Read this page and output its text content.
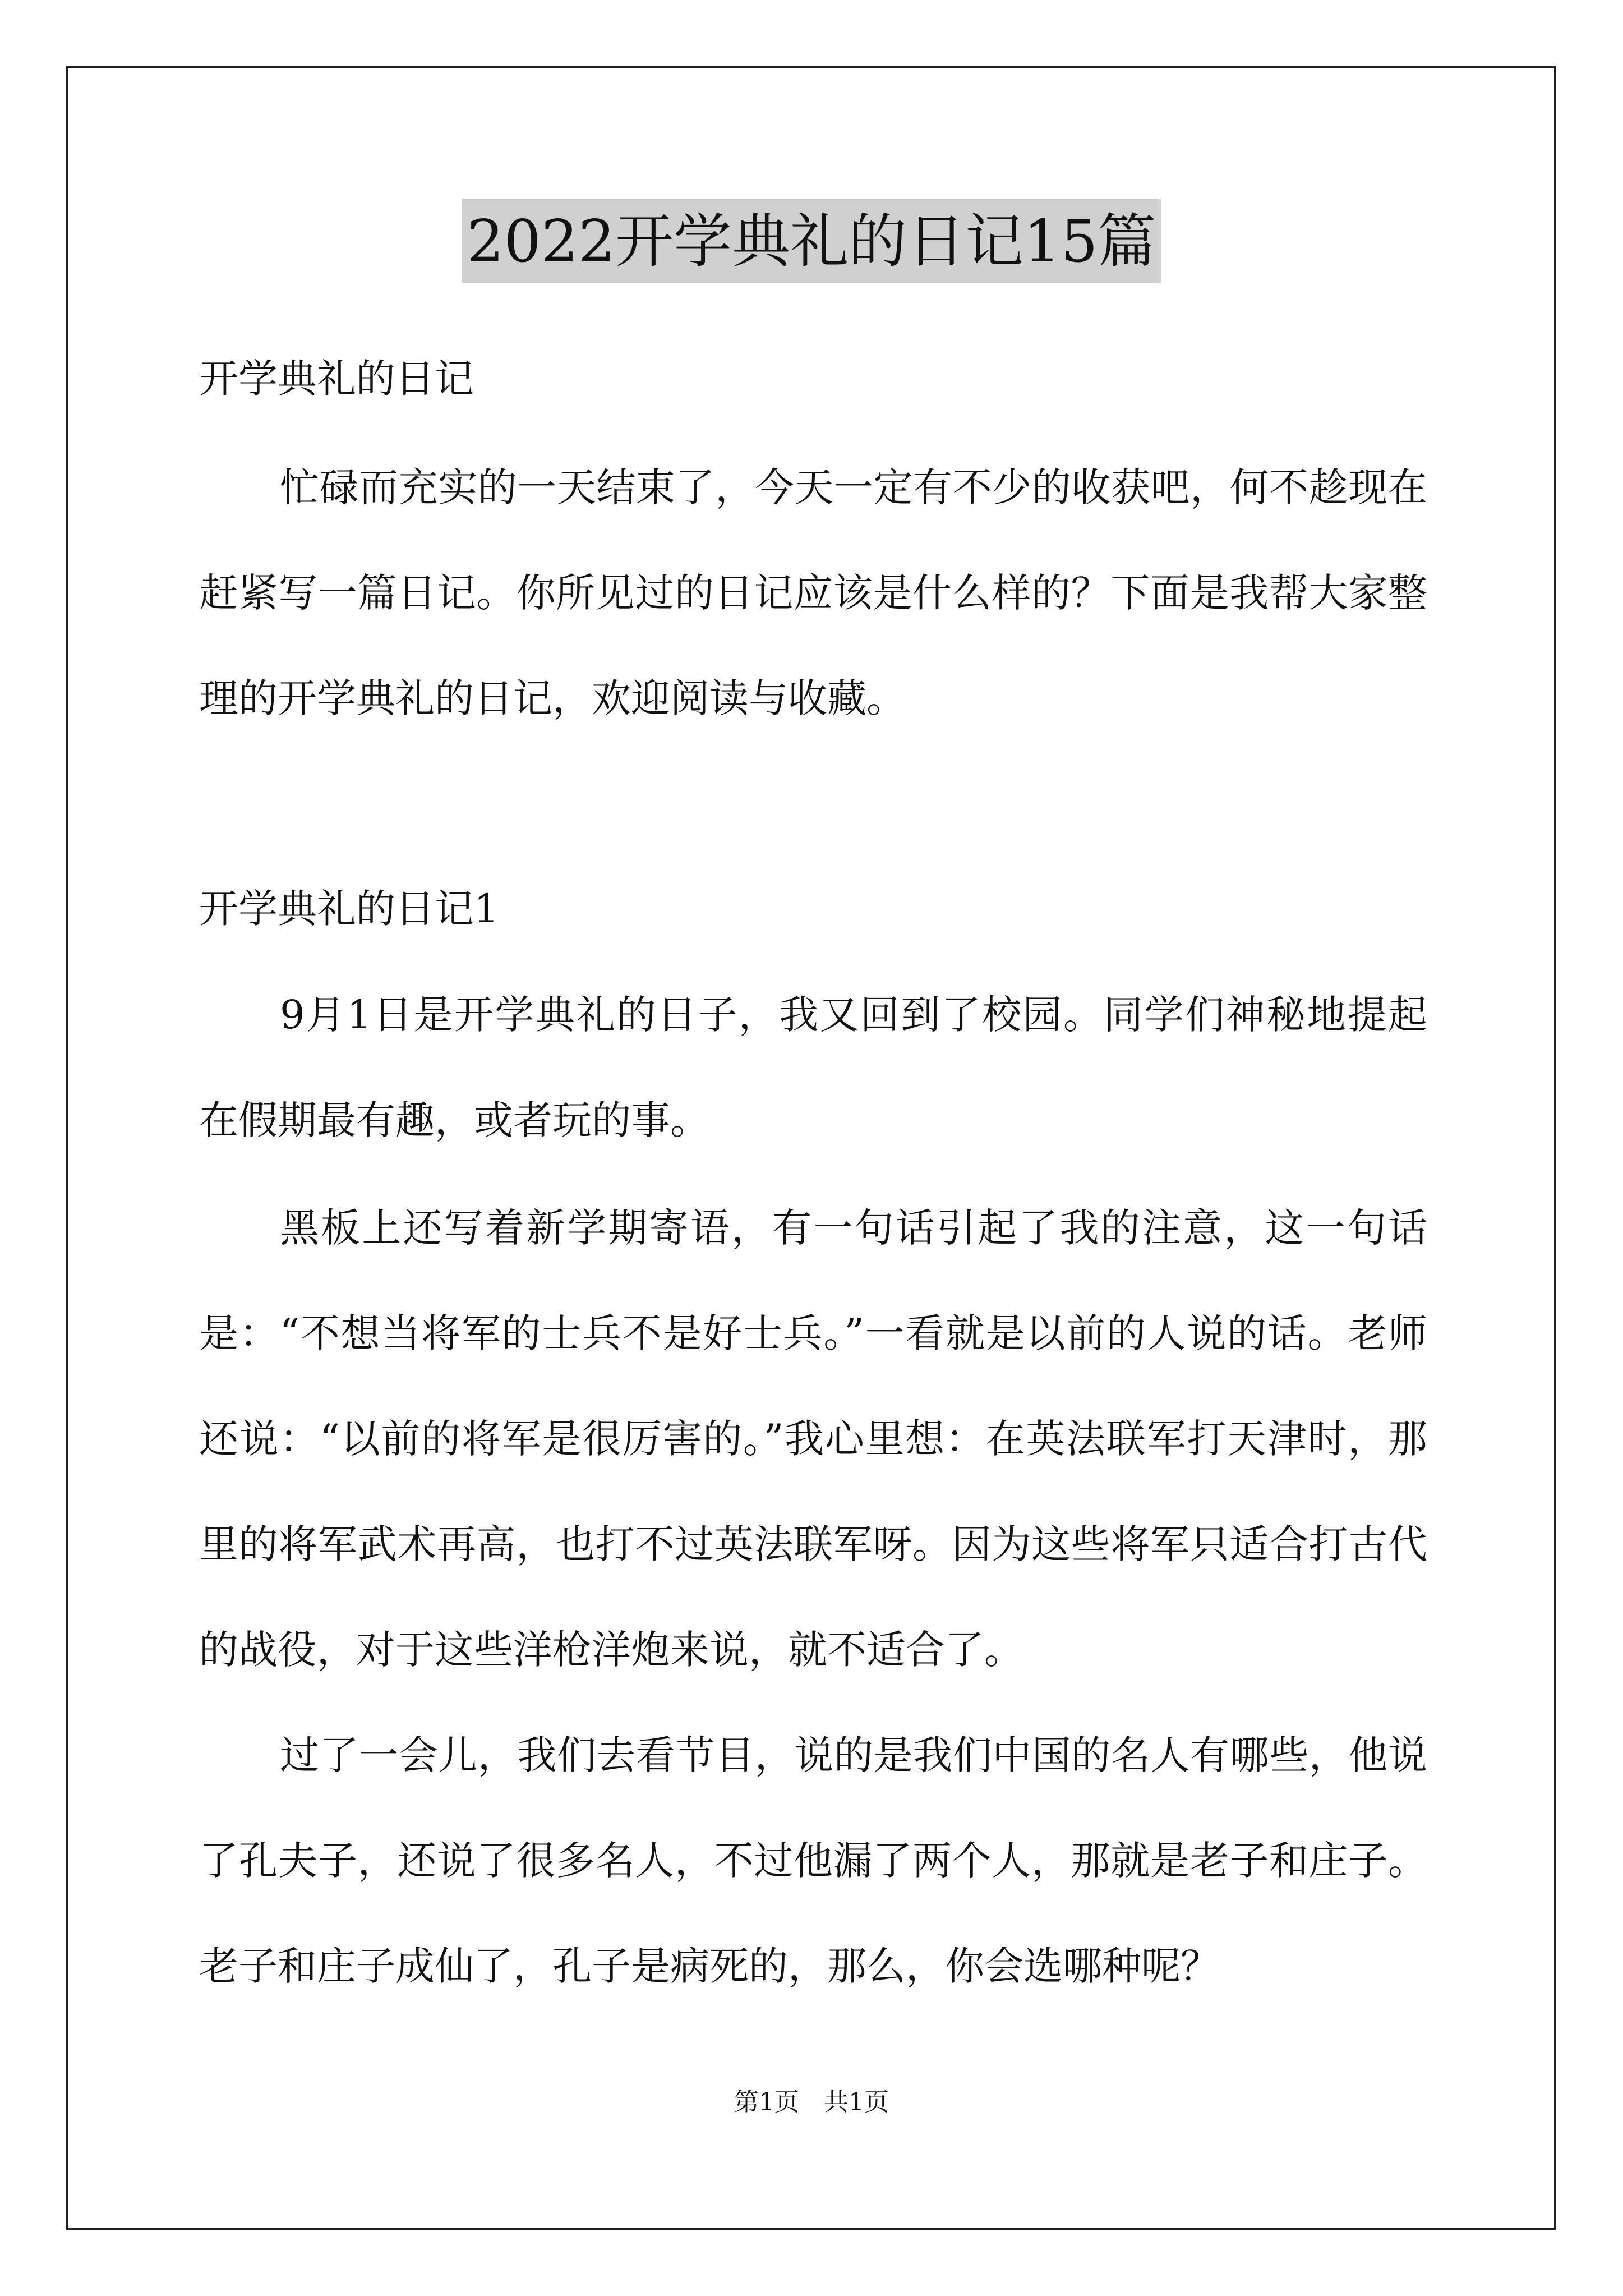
2022开学典礼的日记15篇
开学典礼的日记

忙碌而充实的一天结束了，今天一定有不少的收获吧，何不趁现在赶紧写一篇日记。你所见过的日记应该是什么样的？下面是我帮大家整理的开学典礼的日记，欢迎阅读与收藏。

开学典礼的日记1

9月1日是开学典礼的日子，我又回到了校园。同学们神秘地提起在假期最有趣，或者玩的事。

黑板上还写着新学期寄语，有一句话引起了我的注意，这一句话是：“不想当将军的士兵不是好士兵。”一看就是以前的人说的话。老师还说：“以前的将军是很厉害的。”我心里想：在英法联军打天津时，那里的将军武术再高，也打不过英法联军呀。因为这些将军只适合打古代的战役，对于这些洋枪洋炮来说，就不适合了。

过了一会儿，我们去看节目，说的是我们中国的名人有哪些，他说了孔夫子，还说了很多名人，不过他漏了两个人，那就是老子和庄子。老子和庄子成仙了，孔子是病死的，那么，你会选哪种呢？

第1页　共1页
